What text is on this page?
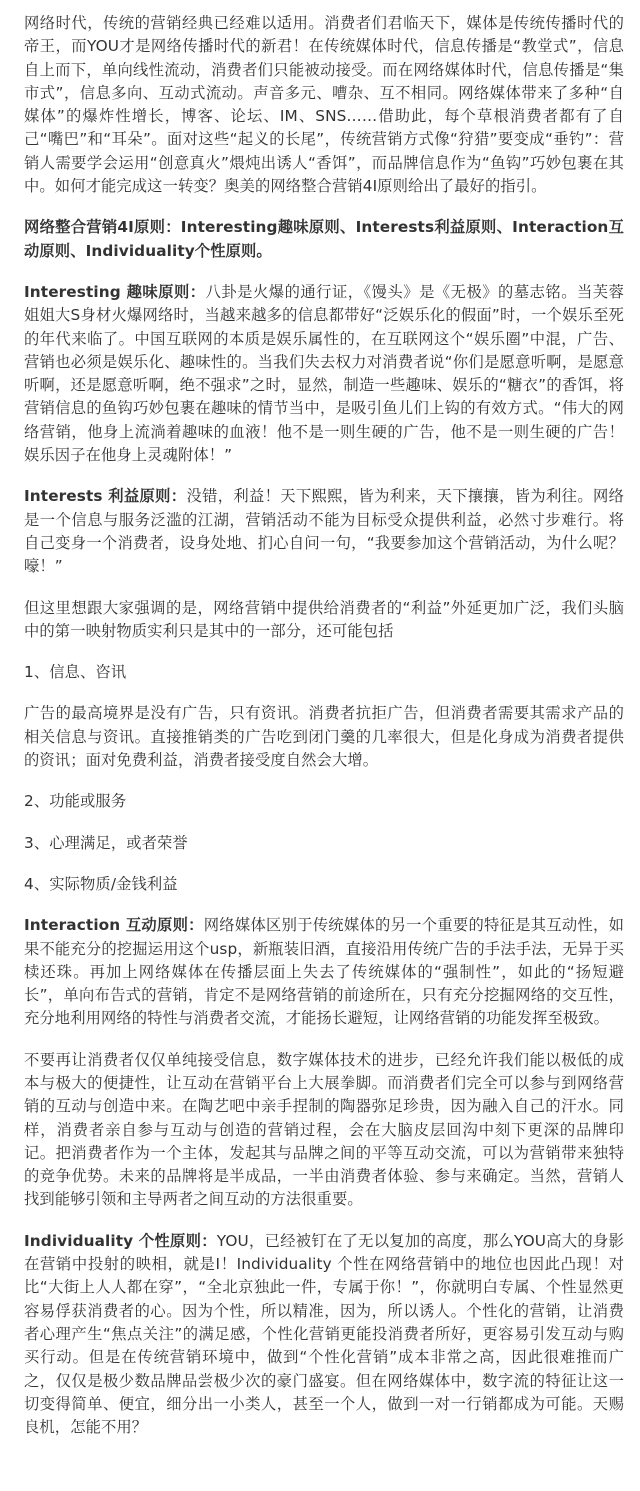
网络时代，传统的营销经典已经难以适用。消费者们君临天下，媒体是传统传播时代的帝王，而YOU才是网络传播时代的新君！在传统媒体时代，信息传播是“教堂式”，信息自上而下，单向线性流动，消费者们只能被动接受。而在网络媒体时代，信息传播是“集市式”，信息多向、互动式流动。声音多元、嘈杂、互不相同。网络媒体带来了多种“自媒体”的爆炸性增长，博客、论坛、IM、SNS……借助此，每个草根消费者都有了自己“嘴巴”和“耳朵”。面对这些“起义的长尾”，传统营销方式像“狩猎”要变成“垂钓”：营销人需要学会运用“创意真火”煨炖出诱人“香饵”，而品牌信息作为“鱼钩”巧妙包裹在其中。如何才能完成这一转变？奥美的网络整合营销4I原则给出了最好的指引。

网络整合营销4I原则：Interesting趣味原则、Interests利益原则、Interaction互动原则、Individuality个性原则。

Interesting 趣味原则：八卦是火爆的通行证，《馒头》是《无极》的墓志铭。当芙蓉姐姐大S身材火爆网络时，当越来越多的信息都带好“泛娱乐化的假面”时，一个娱乐至死的年代来临了。中国互联网的本质是娱乐属性的，在互联网这个“娱乐圈”中混，广告、营销也必须是娱乐化、趣味性的。当我们失去权力对消费者说“你们是愿意听啊，是愿意听啊，还是愿意听啊，绝不强求”之时，显然，制造一些趣味、娱乐的“糖衣”的香饵，将营销信息的鱼钩巧妙包裹在趣味的情节当中，是吸引鱼儿们上钩的有效方式。“伟大的网络营销，他身上流淌着趣味的血液！他不是一则生硬的广告，他不是一则生硬的广告！娱乐因子在他身上灵魂附体！”

Interests 利益原则：没错，利益！天下熙熙，皆为利来，天下攘攘，皆为利往。网络是一个信息与服务泛滥的江湖，营销活动不能为目标受众提供利益，必然寸步难行。将自己变身一个消费者，设身处地、扪心自问一句，“我要参加这个营销活动，为什么呢？嚎！”

但这里想跟大家强调的是，网络营销中提供给消费者的“利益”外延更加广泛，我们头脑中的第一映射物质实利只是其中的一部分，还可能包括

1、信息、咨讯

广告的最高境界是没有广告，只有资讯。消费者抗拒广告，但消费者需要其需求产品的相关信息与资讯。直接推销类的广告吃到闭门羹的几率很大，但是化身成为消费者提供的资讯；面对免费利益，消费者接受度自然会大增。

2、功能或服务

3、心理满足，或者荣誉

4、实际物质/金钱利益

Interaction 互动原则：网络媒体区别于传统媒体的另一个重要的特征是其互动性，如果不能充分的挖掘运用这个usp，新瓶装旧酒，直接沿用传统广告的手法手法，无异于买椟还珠。再加上网络媒体在传播层面上失去了传统媒体的“强制性”，如此的“扬短避长”，单向布告式的营销，肯定不是网络营销的前途所在，只有充分挖掘网络的交互性，充分地利用网络的特性与消费者交流，才能扬长避短，让网络营销的功能发挥至极致。

不要再让消费者仅仅单纯接受信息，数字媒体技术的进步，已经允许我们能以极低的成本与极大的便捷性，让互动在营销平台上大展拳脚。而消费者们完全可以参与到网络营销的互动与创造中来。在陶艺吧中亲手捏制的陶器弥足珍贵，因为融入自己的汗水。同样，消费者亲自参与互动与创造的营销过程，会在大脑皮层回沟中刻下更深的品牌印记。把消费者作为一个主体，发起其与品牌之间的平等互动交流，可以为营销带来独特的竞争优势。未来的品牌将是半成品，一半由消费者体验、参与来确定。当然，营销人找到能够引领和主导两者之间互动的方法很重要。

Individuality 个性原则：YOU，已经被钉在了无以复加的高度，那么YOU高大的身影在营销中投射的映相，就是I！Individuality 个性在网络营销中的地位也因此凸现！对比“大街上人人都在穿”，“全北京独此一件，专属于你！”，你就明白专属、个性显然更容易俘获消费者的心。因为个性，所以精准，因为，所以诱人。个性化的营销，让消费者心理产生“焦点关注”的满足感，个性化营销更能投消费者所好，更容易引发互动与购买行动。但是在传统营销环境中，做到“个性化营销”成本非常之高，因此很难推而广之，仅仅是极少数品牌品尝极少次的豪门盛宴。但在网络媒体中，数字流的特征让这一切变得简单、便宜，细分出一小类人，甚至一个人，做到一对一行销都成为可能。天赐良机，怎能不用？
